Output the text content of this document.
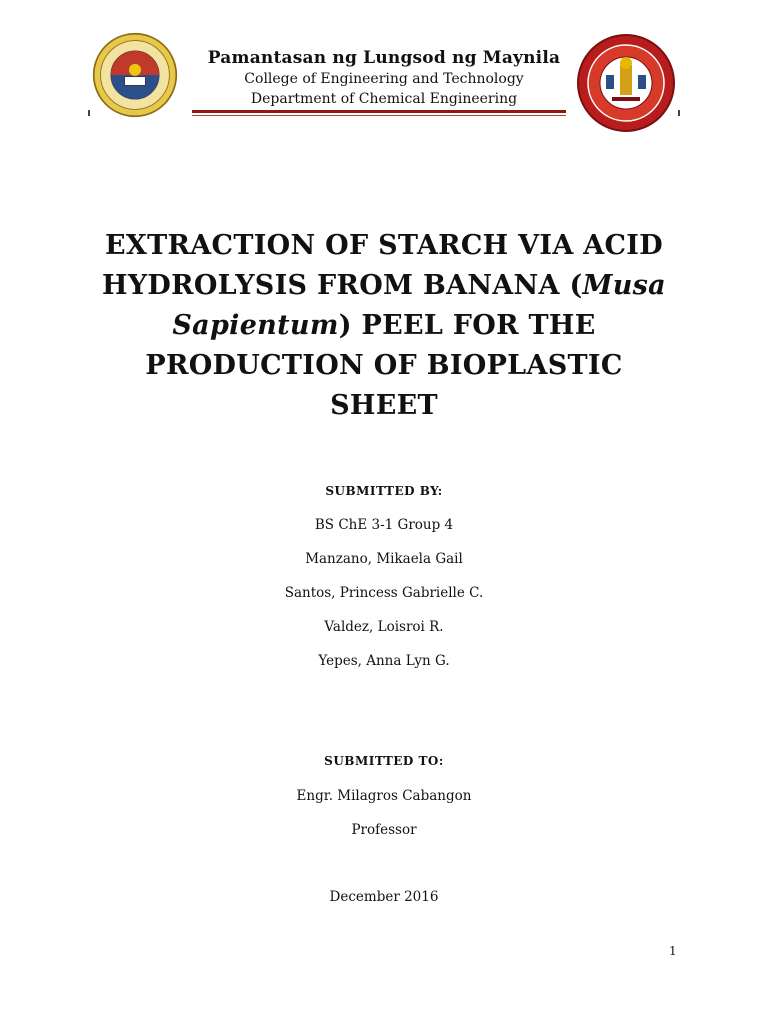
Pamantasan ng Lungsod ng Maynila
College of Engineering and Technology
Department of Chemical Engineering
EXTRACTION OF STARCH VIA ACID
HYDROLYSIS FROM BANANA (Musa
Sapientum) PEEL FOR THE
PRODUCTION OF BIOPLASTIC
SHEET
SUBMITTED BY:
BS ChE 3-1 Group 4
Manzano, Mikaela Gail
Santos, Princess Gabrielle C.
Valdez, Loisroi R.
Yepes, Anna Lyn G.
SUBMITTED TO:
Engr. Milagros Cabangon
Professor
December 2016
1
